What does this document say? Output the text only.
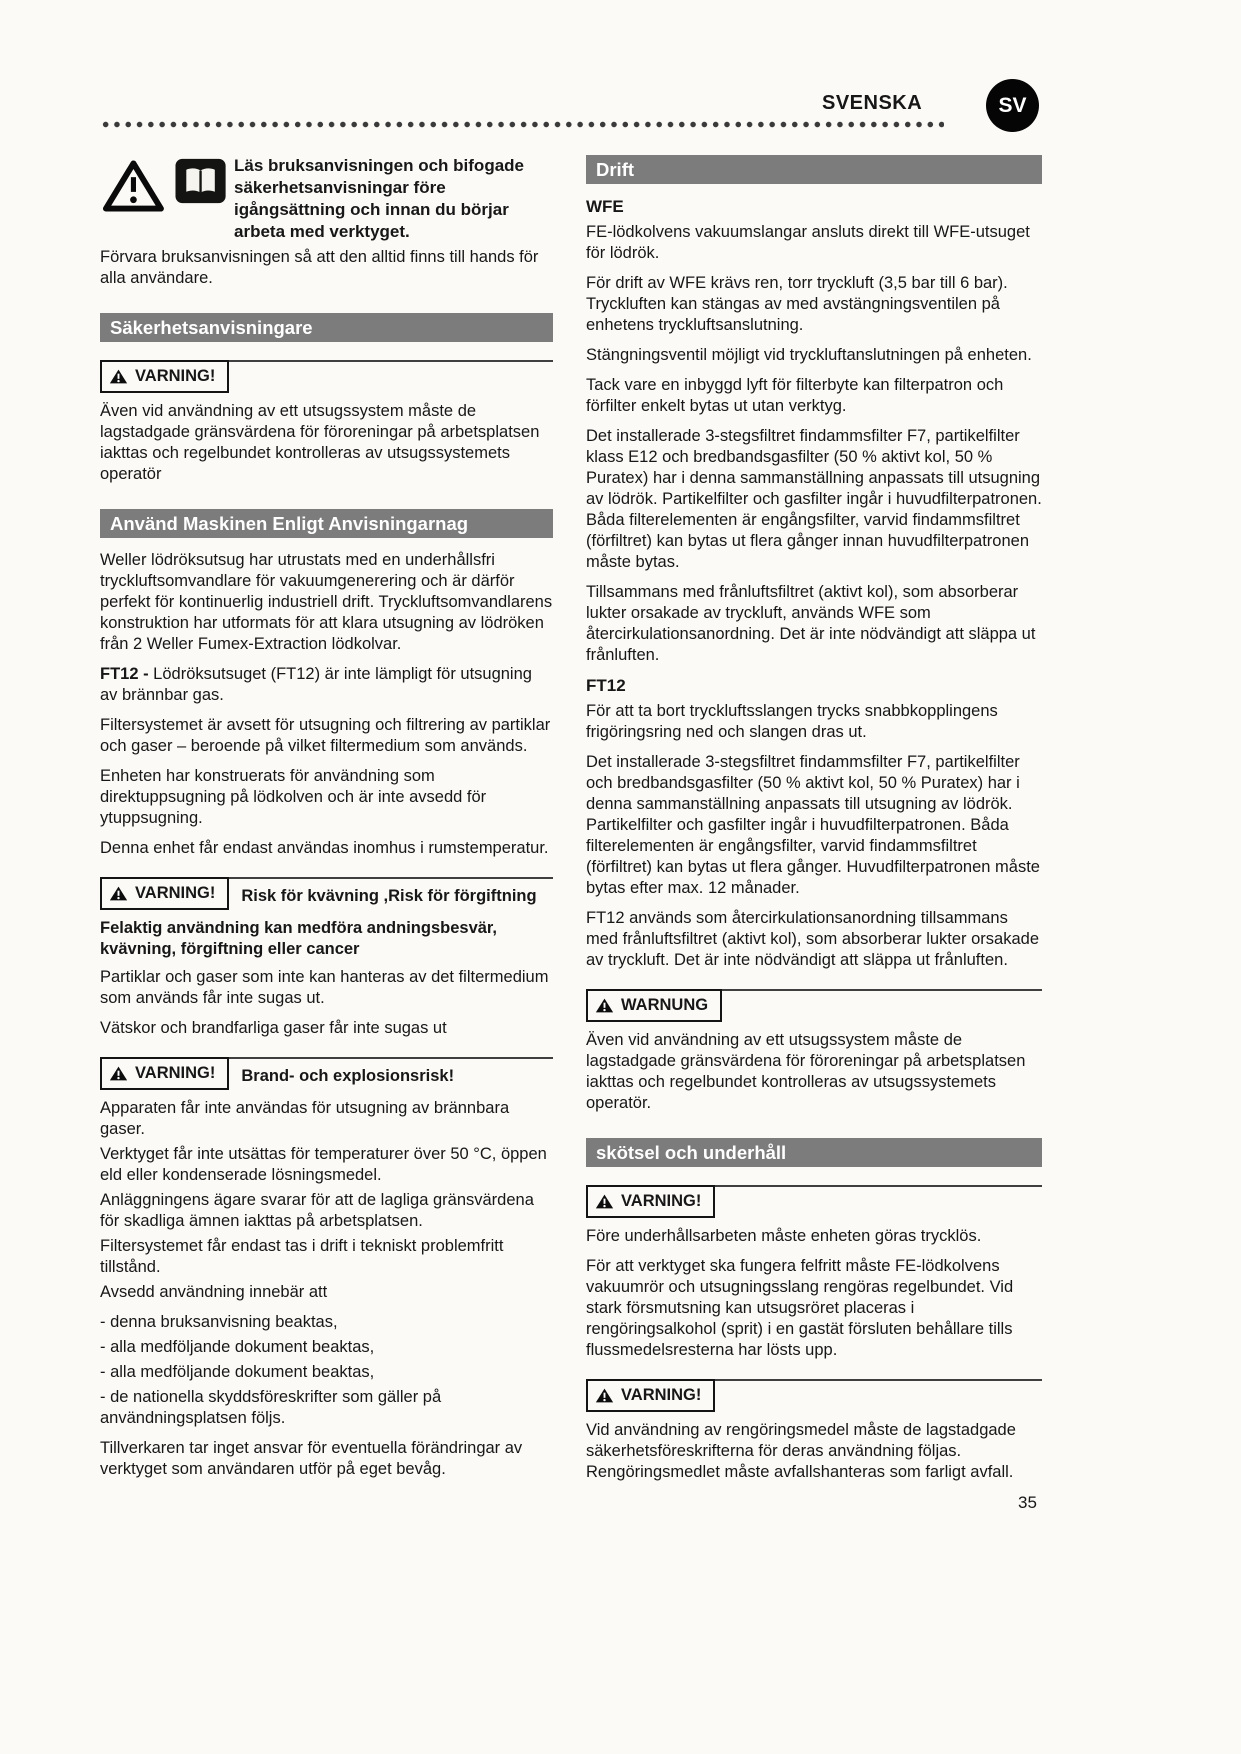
SVENSKA	SV
Läs bruksanvisningen och bifogade säkerhetsanvisningar före igångsättning och innan du börjar arbeta med verktyget.

Förvara bruksanvisningen så att den alltid finns till hands för alla användare.

Säkerhetsanvisningare
VARNING!

Även vid användning av ett utsugssystem måste de lagstadgade gränsvärdena för föroreningar på arbetsplatsen iakttas och regelbundet kontrolleras av utsugssystemets operatör

Använd Maskinen Enligt Anvisningarnag

Weller lödröksutsug har utrustats med en underhållsfri tryckluftsomvandlare för vakuumgenerering och är därför perfekt för kontinuerlig industriell drift. Tryckluftsomvandlarens konstruktion har utformats för att klara utsugning av lödröken från 2 Weller Fumex-Extraction lödkolvar.

FT12 - Lödröksutsuget (FT12) är inte lämpligt för utsugning av brännbar gas.

Filtersystemet är avsett för utsugning och filtrering av partiklar och gaser – beroende på vilket filtermedium som används.

Enheten har konstruerats för användning som direktuppsugning på lödkolven och är inte avsedd för ytuppsugning.

Denna enhet får endast användas inomhus i rumstemperatur.

VARNING! Risk för kvävning ,Risk för förgiftning

Felaktig användning kan medföra andningsbesvär, kvävning, förgiftning eller cancer

Partiklar och gaser som inte kan hanteras av det filtermedium som används får inte sugas ut.

Vätskor och brandfarliga gaser får inte sugas ut

VARNING! Brand- och explosionsrisk!

Apparaten får inte användas för utsugning av brännbara gaser.

Verktyget får inte utsättas för temperaturer över 50 °C, öppen eld eller kondenserade lösningsmedel.

Anläggningens ägare svarar för att de lagliga gränsvärdena för skadliga ämnen iakttas på arbetsplatsen.

Filtersystemet får endast tas i drift i tekniskt problemfritt tillstånd.

Avsedd användning innebär att

- denna bruksanvisning beaktas,

- alla medföljande dokument beaktas,

- alla medföljande dokument beaktas,

- de nationella skyddsföreskrifter som gäller på användningsplatsen följs.

Tillverkaren tar inget ansvar för eventuella förändringar av verktyget som användaren utför på eget bevåg.

Drift
WFE

FE-lödkolvens vakuumslangar ansluts direkt till WFE-utsuget för lödrök.

För drift av WFE krävs ren, torr tryckluft (3,5 bar till 6 bar). Tryckluften kan stängas av med avstängningsventilen på enhetens tryckluftsanslutning.

Stängningsventil möjligt vid tryckluftanslutningen på enheten.

Tack vare en inbyggd lyft för filterbyte kan filterpatron och förfilter enkelt bytas ut utan verktyg.

Det installerade 3-stegsfiltret findammsfilter F7, partikelfilter klass E12 och bredbandsgasfilter (50 % aktivt kol, 50 % Puratex) har i denna sammanställning anpassats till utsugning av lödrök. Partikelfilter och gasfilter ingår i huvudfilterpatronen. Båda filterelementen är engångsfilter, varvid findammsfiltret (förfiltret) kan bytas ut flera gånger innan huvudfilterpatronen måste bytas.

Tillsammans med frånluftsfiltret (aktivt kol), som absorberar lukter orsakade av tryckluft, används WFE som återcirkulationsanordning. Det är inte nödvändigt att släppa ut frånluften.

FT12

För att ta bort tryckluftsslangen trycks snabbkopplingens frigöringsring ned och slangen dras ut.

Det installerade 3-stegsfiltret findammsfilter F7, partikelfilter och bredbandsgasfilter (50 % aktivt kol, 50 % Puratex) har i denna sammanställning anpassats till utsugning av lödrök. Partikelfilter och gasfilter ingår i huvudfilterpatronen. Båda filterelementen är engångsfilter, varvid findammsfiltret (förfiltret) kan bytas ut flera gånger. Huvudfilterpatronen måste bytas efter max. 12 månader.

FT12 används som återcirkulationsanordning tillsammans med frånluftsfiltret (aktivt kol), som absorberar lukter orsakade av tryckluft. Det är inte nödvändigt att släppa ut frånluften.

WARNUNG

Även vid användning av ett utsugssystem måste de lagstadgade gränsvärdena för föroreningar på arbetsplatsen iakttas och regelbundet kontrolleras av utsugssystemets operatör.

skötsel och underhåll
VARNING!

Före underhållsarbeten måste enheten göras trycklös.

För att verktyget ska fungera felfritt måste FE-lödkolvens vakuumrör och utsugningsslang rengöras regelbundet. Vid stark försmutsning kan utsugsröret placeras i rengöringsalkohol (sprit) i en gastät försluten behållare tills flussmedelsresterna har lösts upp.

VARNING!

Vid användning av rengöringsmedel måste de lagstadgade säkerhetsföreskrifterna för deras användning följas. Rengöringsmedlet måste avfallshanteras som farligt avfall.

35
